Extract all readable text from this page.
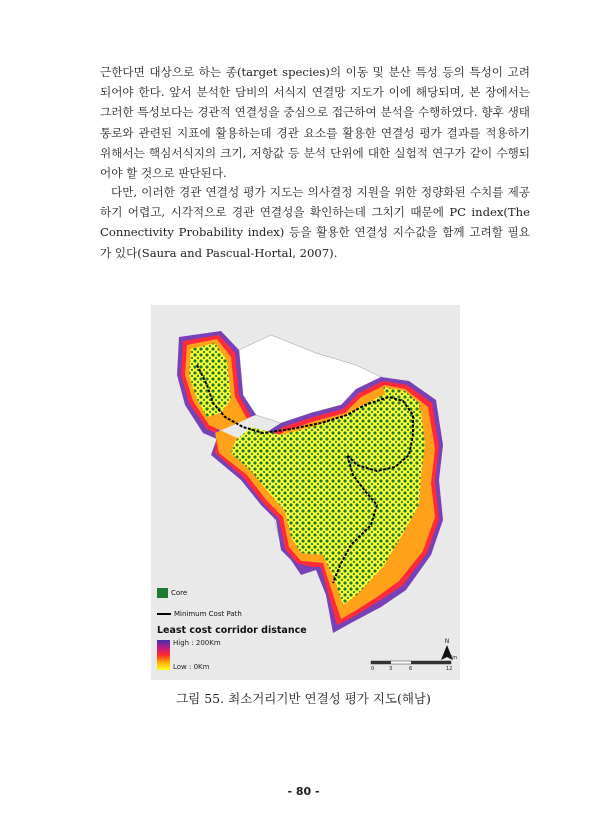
근한다면 대상으로 하는 종(target species)의 이동 및 분산 특성 등의 특성이 고려되어야 한다. 앞서 분석한 담비의 서식지 연결망 지도가 이에 해당되며, 본 장에서는 그러한 특성보다는 경관적 연결성을 중심으로 접근하여 분석을 수행하였다. 향후 생태통로와 관련된 지표에 활용하는데 경관 요소를 활용한 연결성 평가 결과를 적용하기 위해서는 핵심서식지의 크기, 저항값 등 분석 단위에 대한 실험적 연구가 같이 수행되어야 할 것으로 판단된다.

다만, 이러한 경관 연결성 평가 지도는 의사결정 지원을 위한 정량화된 수치를 제공하기 어렵고, 시각적으로 경관 연결성을 확인하는데 그치기 때문에 PC index(The Connectivity Probability index) 등을 활용한 연결성 지수값을 함께 고려할 필요가 있다(Saura and Pascual-Hortal, 2007).

Core
Minimum Cost Path
Least cost corridor distance
High : 200Km
Low : 0Km
N
0	3	6	12
Km
그림 55. 최소거리기반 연결성 평가 지도(해남)
- 80 -
